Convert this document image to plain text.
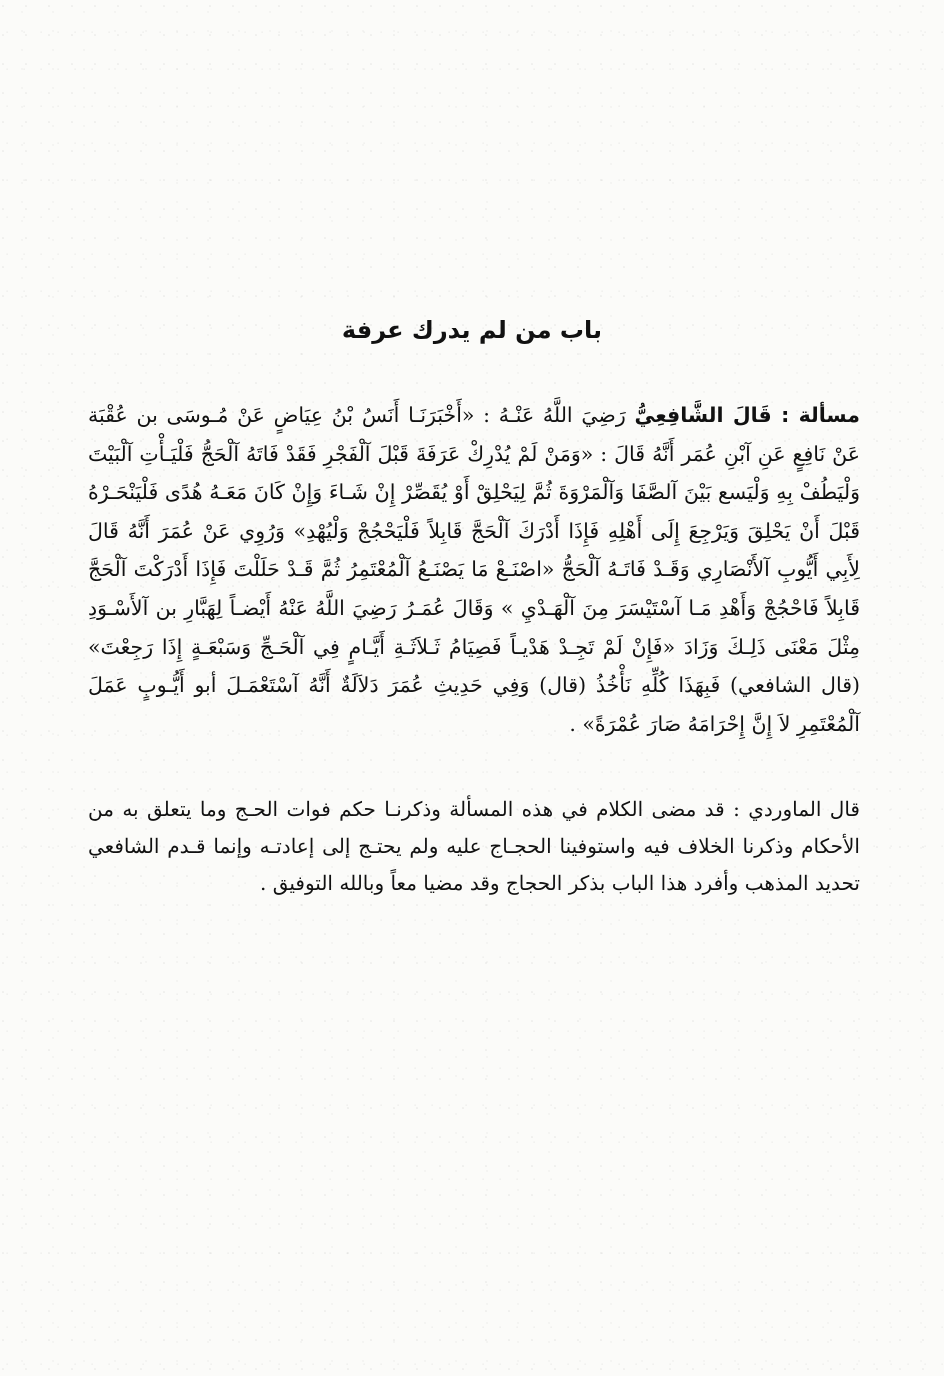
باب من لم يدرك عرفة

مسألة : قَالَ الشَّافِعِيُّ رَضِيَ اللَّهُ عَنْـهُ : «أَخْبَرَنَـا أَنَسُ بْنُ عِيَاضٍ عَنْ مُـوسَى بن عُقْبَة عَنْ نَافِعٍ عَنِ آبْنِ عُمَر أَنَّهُ قَالَ : «وَمَنْ لَمْ يُدْرِكْ عَرَفَةَ قَبْلَ آلْفَجْرِ فَقَدْ فَاتَهُ آلْحَجُّ فَلْيَـأْتِ آلْبَيْتَ وَلْيَطُفْ بِهِ وَلْيَسع بَيْنَ آلصَّفَا وَآلْمَرْوَةَ ثُمَّ لِيَحْلِقْ أَوْ يُقَصِّرْ إِنْ شَـاءَ وَإِنْ كَانَ مَعَـهُ هُدًى فَلْيَنْحَـرْهُ قَبْلَ أَنْ يَحْلِقَ وَيَرْجِعَ إِلَى أَهْلِهِ فَإِذَا أَدْرَكَ آلْحَجَّ قَابِلاً فَلْيَحْجُجْ وَلْيُهْدِ» وَرُوِي عَنْ عُمَرَ أَنَّهُ قَالَ لِأَبِي أَيُّوبِ آلأَنْصَارِي وَقَـدْ فَاتَـهُ آلْحَجُّ «اصْنَـعْ مَا يَصْنَـعُ آلْمُعْتَمِرُ ثُمَّ قَـدْ حَلَلْتَ فَإِذَا أَدْرَكْتَ آلْحَجَّ قَابِلاً فَاحْجُجْ وَأَهْدِ مَـا آسْتَيْسَرَ مِنَ آلْهَـدْيِ » وَقَالَ عُمَـرُ رَضِيَ اللَّهُ عَنْهُ أَيْضـاً لِهَبَّارِ بن آلأَسْـوَدِ مِثْلَ مَعْنَى ذَلِـكَ وَزَادَ «فَإِنْ لَمْ تَجِـدْ هَدْيـاً فَصِيَامُ ثَـلاَثَـةِ أَيَّـامٍ فِي آلْحَـجِّ وَسَبْعَـةٍ إِذَا رَجِعْتَ» (قال الشافعي) فَبِهَذَا كُلِّهِ نَأْخُذُ (قال) وَفِي حَدِيثِ عُمَرَ دَلاَلَةٌ أَنَّهُ آسْتَعْمَـلَ أبو أَيُّـوبٍ عَمَلَ آلْمُعْتَمِرِ لاَ إِنَّ إِحْرَامَهُ صَارَ عُمْرَةً» .

قال الماوردي : قد مضى الكلام في هذه المسألة وذكرنـا حكم فوات الحـج وما يتعلق به من الأحكام وذكرنا الخلاف فيه واستوفينا الحجـاج عليه ولم يحتـج إلى إعادتـه وإنما قـدم الشافعي تحديد المذهب وأفرد هذا الباب بذكر الحجاج وقد مضيا معاً وبالله التوفيق .
